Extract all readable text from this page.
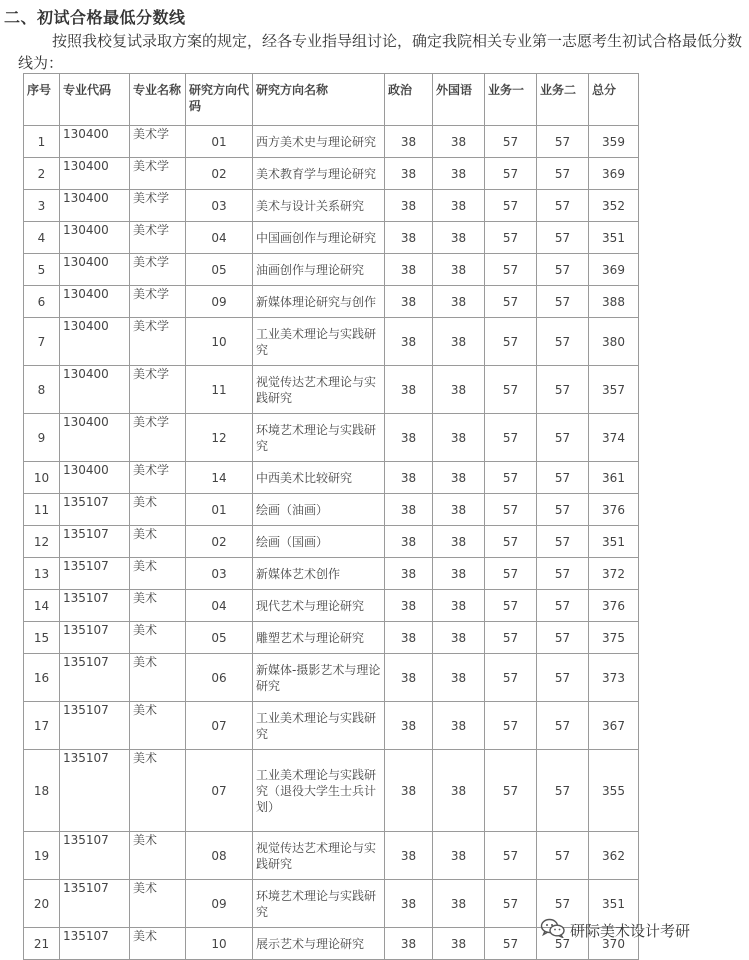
二、初试合格最低分数线
按照我校复试录取方案的规定，经各专业指导组讨论，确定我院相关专业第一志愿考生初试合格最低分数线为：
序号	专业代码	专业名称	研究方向代码	研究方向名称	政治	外国语	业务一	业务二	总分
1	130400	美术学	01	西方美术史与理论研究	38	38	57	57	359
2	130400	美术学	02	美术教育学与理论研究	38	38	57	57	369
3	130400	美术学	03	美术与设计关系研究	38	38	57	57	352
4	130400	美术学	04	中国画创作与理论研究	38	38	57	57	351
5	130400	美术学	05	油画创作与理论研究	38	38	57	57	369
6	130400	美术学	09	新媒体理论研究与创作	38	38	57	57	388
7	130400	美术学	10	工业美术理论与实践研究	38	38	57	57	380
8	130400	美术学	11	视觉传达艺术理论与实践研究	38	38	57	57	357
9	130400	美术学	12	环境艺术理论与实践研究	38	38	57	57	374
10	130400	美术学	14	中西美术比较研究	38	38	57	57	361
11	135107	美术	01	绘画（油画）	38	38	57	57	376
12	135107	美术	02	绘画（国画）	38	38	57	57	351
13	135107	美术	03	新媒体艺术创作	38	38	57	57	372
14	135107	美术	04	现代艺术与理论研究	38	38	57	57	376
15	135107	美术	05	雕塑艺术与理论研究	38	38	57	57	375
16	135107	美术	06	新媒体-摄影艺术与理论研究	38	38	57	57	373
17	135107	美术	07	工业美术理论与实践研究	38	38	57	57	367
18	135107	美术	07	工业美术理论与实践研究（退役大学生士兵计划）	38	38	57	57	355
19	135107	美术	08	视觉传达艺术理论与实践研究	38	38	57	57	362
20	135107	美术	09	环境艺术理论与实践研究	38	38	57	57	351
21	135107	美术	10	展示艺术与理论研究	38	38	57	57	370
研际美术设计考研
